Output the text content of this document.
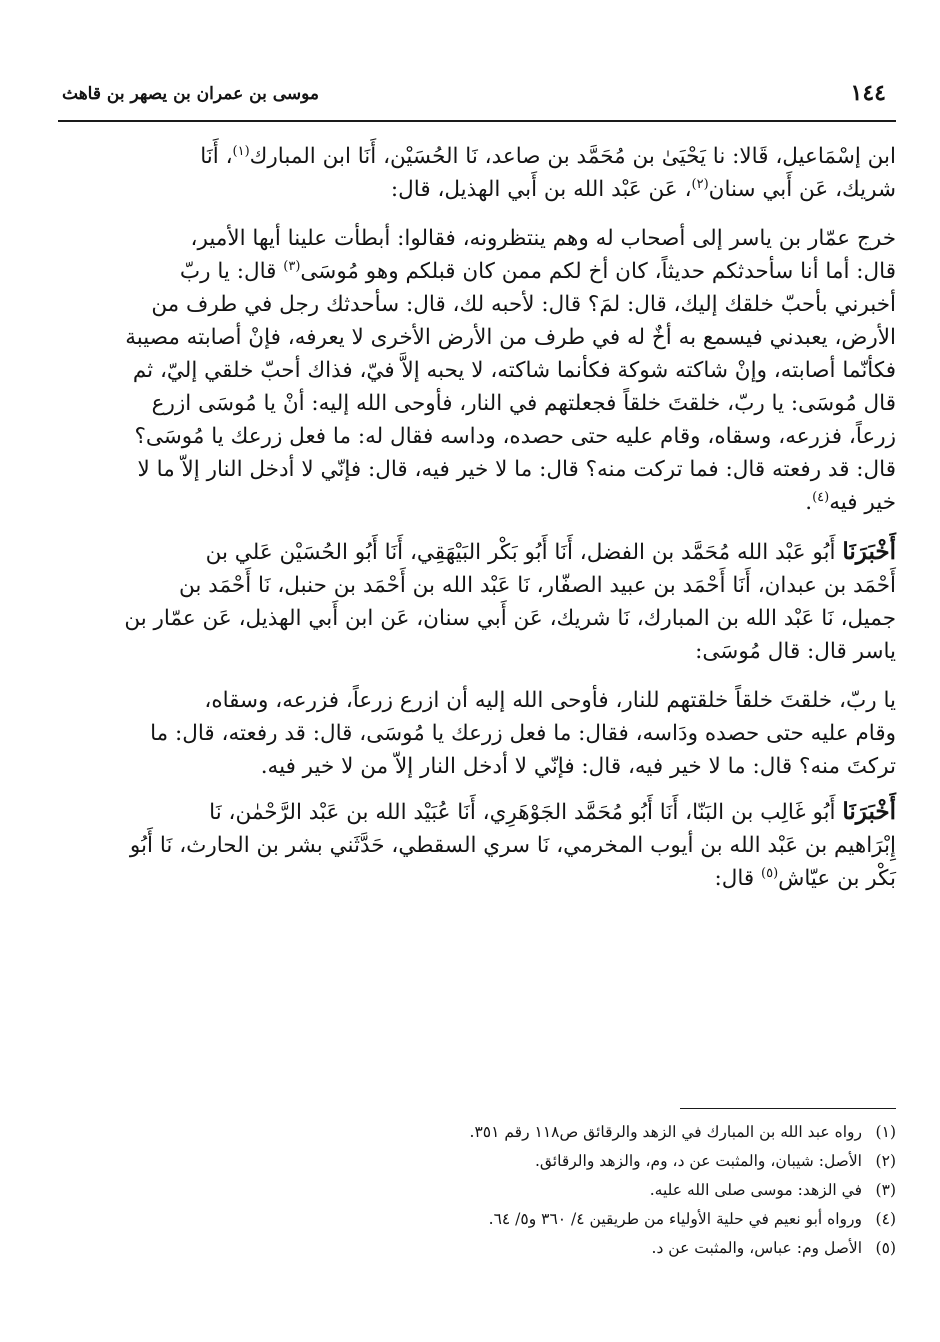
١٤٤
موسى بن عمران بن يصهر بن قاهث

ابن إسْمَاعيل، قَالا: نا يَحْيَىٰ بن مُحَمَّد بن صاعد، نَا الحُسَيْن، أَنَا ابن المبارك$^{(١)}$، أَنَا
شريك، عَن أَبي سنان$^{(٢)}$، عَن عَبْد الله بن أَبي الهذيل، قال:

خرج عمّار بن ياسر إلى أصحاب له وهم ينتظرونه، فقالوا: أبطأت علينا أيها الأمير،
قال: أما أنا سأحدثكم حديثاً، كان أخ لكم ممن كان قبلكم وهو مُوسَى$^{(٣)}$ قال: يا ربّ
أخبرني بأحبّ خلقك إليك، قال: لمَ؟ قال: لأحبه لك، قال: سأحدثك رجل في طرف من
الأرض، يعبدني فيسمع به أخٌ له في طرف من الأرض الأخرى لا يعرفه، فإنْ أصابته مصيبة
فكأنّما أصابته، وإنْ شاكته شوكة فكأنما شاكته، لا يحبه إلاَّ فيّ، فذاك أحبّ خلقي إليّ، ثم
قال مُوسَى: يا ربّ، خلقتَ خلقاً فجعلتهم في النار، فأوحى الله إليه: أنْ يا مُوسَى ازرع
زرعاً، فزرعه، وسقاه، وقام عليه حتى حصده، وداسه فقال له: ما فعل زرعك يا مُوسَى؟
قال: قد رفعته قال: فما تركت منه؟ قال: ما لا خير فيه، قال: فإنّي لا أدخل النار إلاّ ما لا
خير فيه$^{(٤)}$.

أَخْبَرَنَا أَبُو عَبْد الله مُحَمَّد بن الفضل، أَنَا أَبُو بَكْر البَيْهَقِي، أَنَا أَبُو الحُسَيْن عَلي بن
أَحْمَد بن عبدان، أَنَا أَحْمَد بن عبيد الصفّار، نَا عَبْد الله بن أَحْمَد بن حنبل، نَا أَحْمَد بن
جميل، نَا عَبْد الله بن المبارك، نَا شريك، عَن أَبي سنان، عَن ابن أَبي الهذيل، عَن عمّار بن
ياسر قال: قال مُوسَى:

يا ربّ، خلقتَ خلقاً خلقتهم للنار، فأوحى الله إليه أن ازرع زرعاً، فزرعه، وسقاه،
وقام عليه حتى حصده ودَاسه، فقال: ما فعل زرعك يا مُوسَى، قال: قد رفعته، قال: ما
تركتَ منه؟ قال: ما لا خير فيه، قال: فإنّي لا أدخل النار إلاّ من لا خير فيه.

أَخْبَرَنَا أَبُو غَالِب بن البَنّا، أَنَا أَبُو مُحَمَّد الجَوْهَرِي، أَنَا عُبَيْد الله بن عَبْد الرَّحْمٰن، نَا
إِبْرَاهيم بن عَبْد الله بن أيوب المخرمي، نَا سري السقطي، حَدَّثَني بشر بن الحارث، نَا أَبُو
بَكْر بن عيّاش$^{(٥)}$ قال:

(١)رواه عبد الله بن المبارك في الزهد والرقائق ص١١٨ رقم ٣٥١.
(٢)الأصل: شيبان، والمثبت عن د، وم، والزهد والرقائق.
(٣)في الزهد: موسى صلى الله عليه.
(٤)ورواه أبو نعيم في حلية الأولياء من طريقين ٤/ ٣٦٠ و٥/ ٦٤.
(٥)الأصل وم: عباس، والمثبت عن د.
